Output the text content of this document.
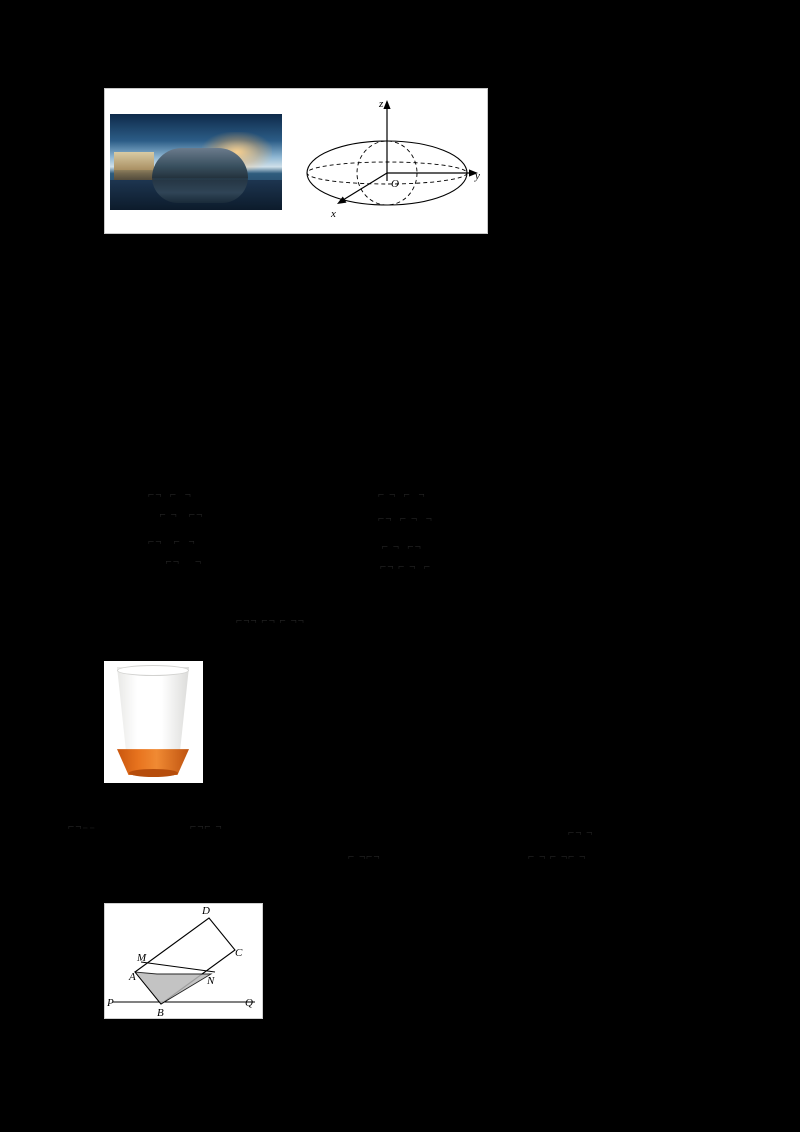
z
y
x
O
⌐¬  ⌐  ¬
⌐ ¬   ⌐¬
⌐¬   ⌐  ¬
⌐¬    ¬
⌐ ¬  ⌐  ¬
⌐¬  ⌐ ¬  ¬
⌐ ¬  ⌐¬
⌐¬ ⌐ ¬  ⌐
⌐¬¬ ⌐¬ ⌐ ¬¬
⌐¬₋₋	⌐¬⌐ ¬
⌐ ¬⌐¬
⌐¬ ¬
⌐ ¬ ⌐ ¬⌐ ¬
D
M	C
A	N
P
B
Q
